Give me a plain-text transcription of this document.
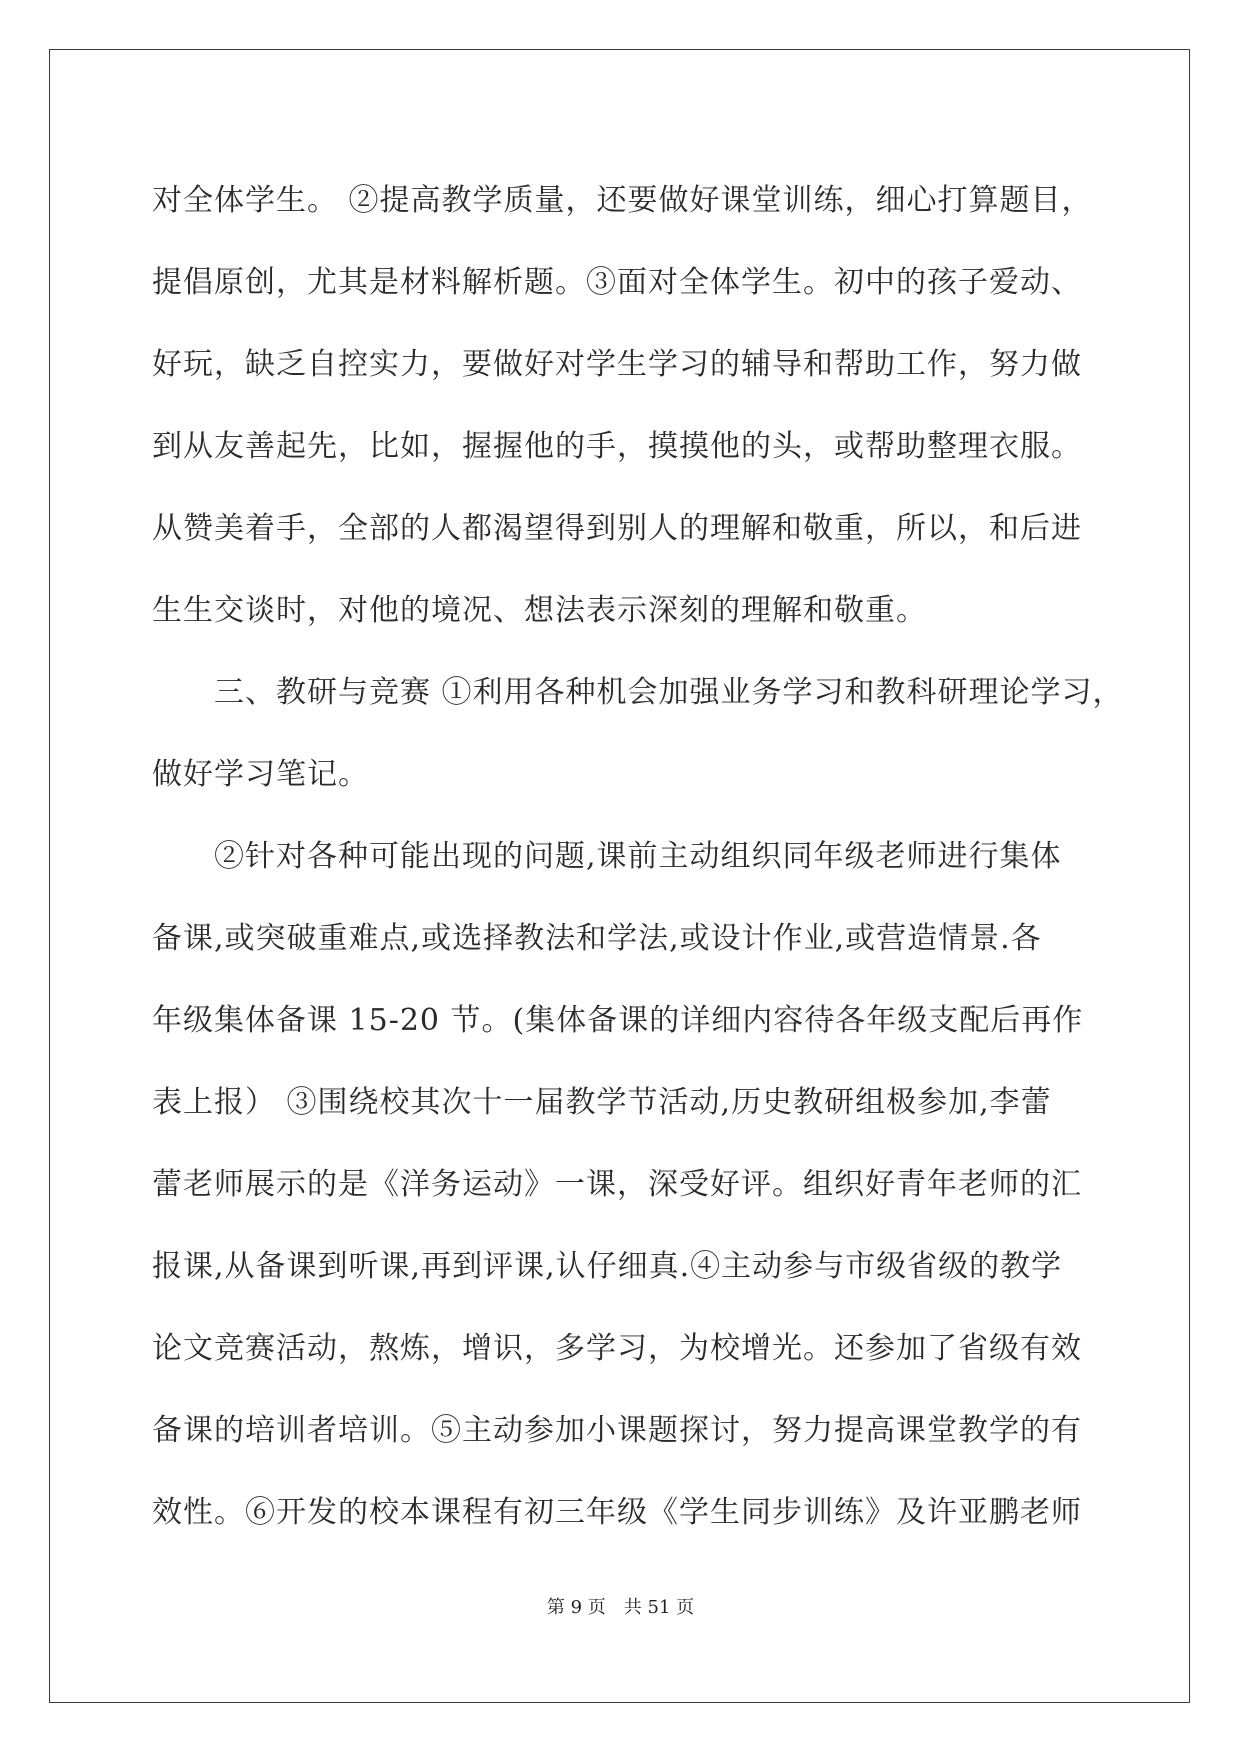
对全体学生。 ②提高教学质量，还要做好课堂训练，细心打算题目，
提倡原创，尤其是材料解析题。③面对全体学生。初中的孩子爱动、
好玩，缺乏自控实力，要做好对学生学习的辅导和帮助工作，努力做
到从友善起先，比如，握握他的手，摸摸他的头，或帮助整理衣服。
从赞美着手，全部的人都渴望得到别人的理解和敬重，所以，和后进
生生交谈时，对他的境况、想法表示深刻的理解和敬重。
　　三、教研与竞赛 ①利用各种机会加强业务学习和教科研理论学习，
做好学习笔记。
　　②针对各种可能出现的问题,课前主动组织同年级老师进行集体
备课,或突破重难点,或选择教法和学法,或设计作业,或营造情景.各
年级集体备课 15-20 节。(集体备课的详细内容待各年级支配后再作
表上报） ③围绕校其次十一届教学节活动,历史教研组极参加,李蕾
蕾老师展示的是《洋务运动》一课，深受好评。组织好青年老师的汇
报课,从备课到听课,再到评课,认仔细真.④主动参与市级省级的教学
论文竞赛活动，熬炼，增识，多学习，为校增光。还参加了省级有效
备课的培训者培训。⑤主动参加小课题探讨，努力提高课堂教学的有
效性。⑥开发的校本课程有初三年级《学生同步训练》及许亚鹏老师
第 9 页　共 51 页
